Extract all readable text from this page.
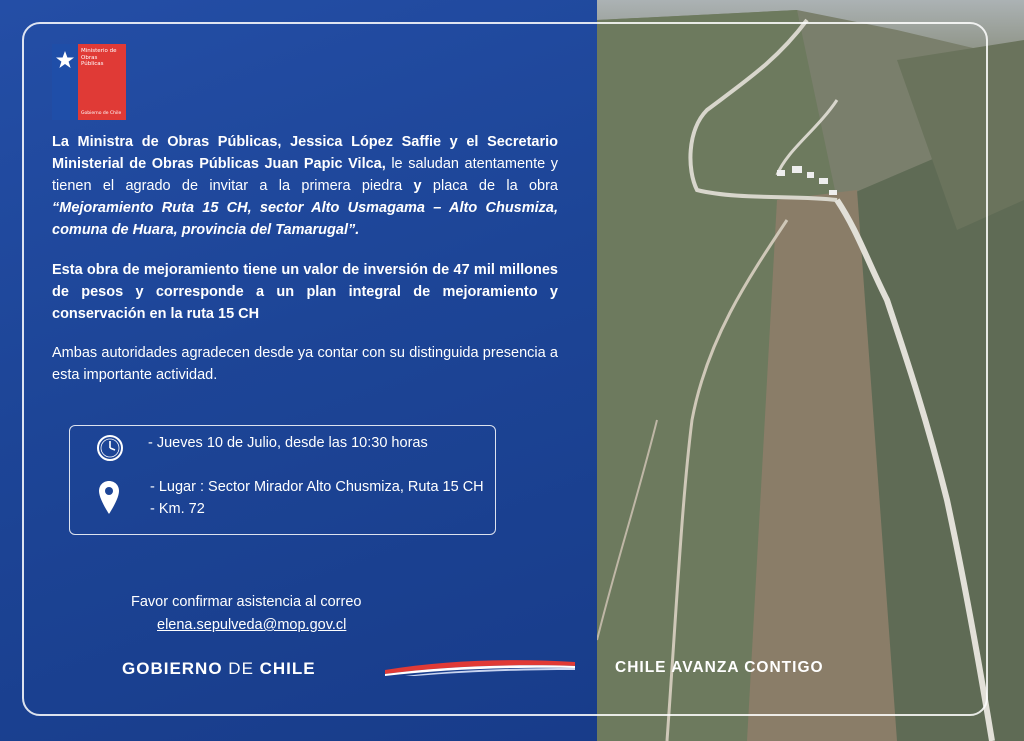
Ministerio de
Obras
Públicas
Gobierno de Chile
La Ministra de Obras Públicas, Jessica López Saffie y el Secretario Ministerial de Obras Públicas Juan Papic Vilca, le saludan atentamente y tienen el agrado de invitar a la primera piedra y placa de la obra “Mejoramiento Ruta 15 CH, sector Alto Usmagama – Alto Chusmiza, comuna de Huara, provincia del Tamarugal”.
Esta obra de mejoramiento tiene un valor de inversión de 47 mil millones de pesos y corresponde a un plan integral de mejoramiento y conservación en la ruta 15 CH
Ambas autoridades agradecen desde ya contar con su distinguida presencia a esta importante actividad.
- Jueves 10 de Julio, desde las 10:30 horas
- Lugar : Sector Mirador Alto Chusmiza, Ruta 15 CH - Km. 72
Favor confirmar asistencia al correo
elena.sepulveda@mop.gov.cl
GOBIERNO DE CHILE	CHILE AVANZA CONTIGO
